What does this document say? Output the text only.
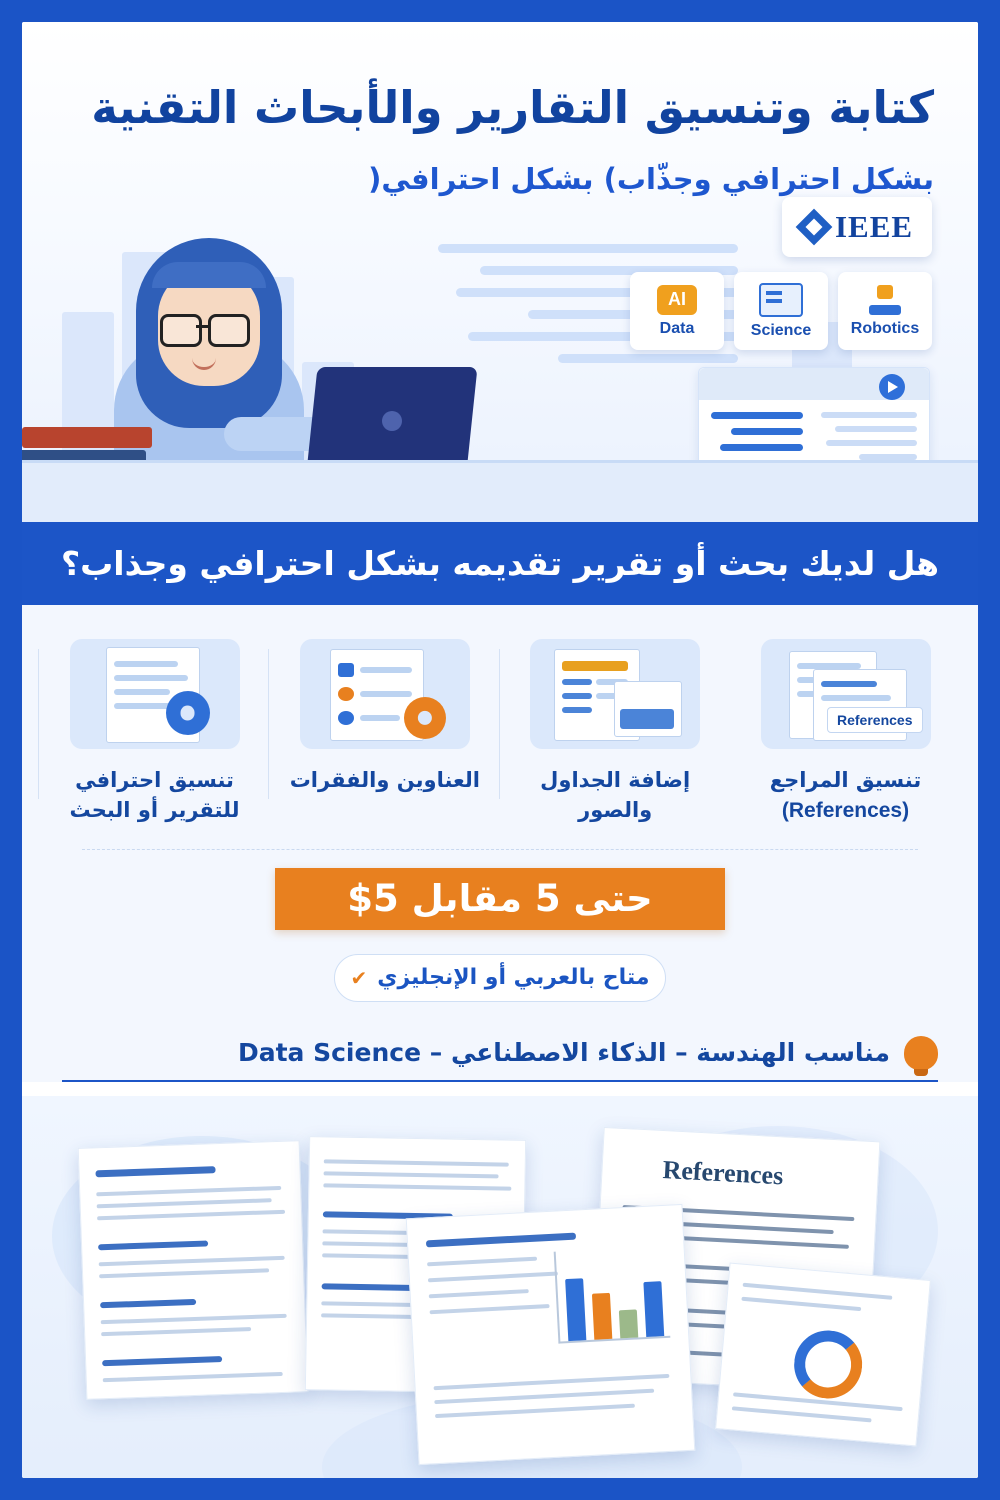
كتابة وتنسيق التقارير والأبحاث التقنية
بشكل احترافي وجذّاب) بشكل احترافي(
IEEE
AI
Data	Science Robotics
هل لديك بحث أو تقرير تقديمه بشكل احترافي وجذاب؟
References
تنسيق المراجع
(References)
إضافة الجداول والصور
العناوين والفقرات
تنسيق احترافي
للتقرير أو البحث
حتى 5 مقابل 5$
متاح بالعربي أو الإنجليزي
✔
مناسب الهندسة – الذكاء الاصطناعي – Data Science
References
